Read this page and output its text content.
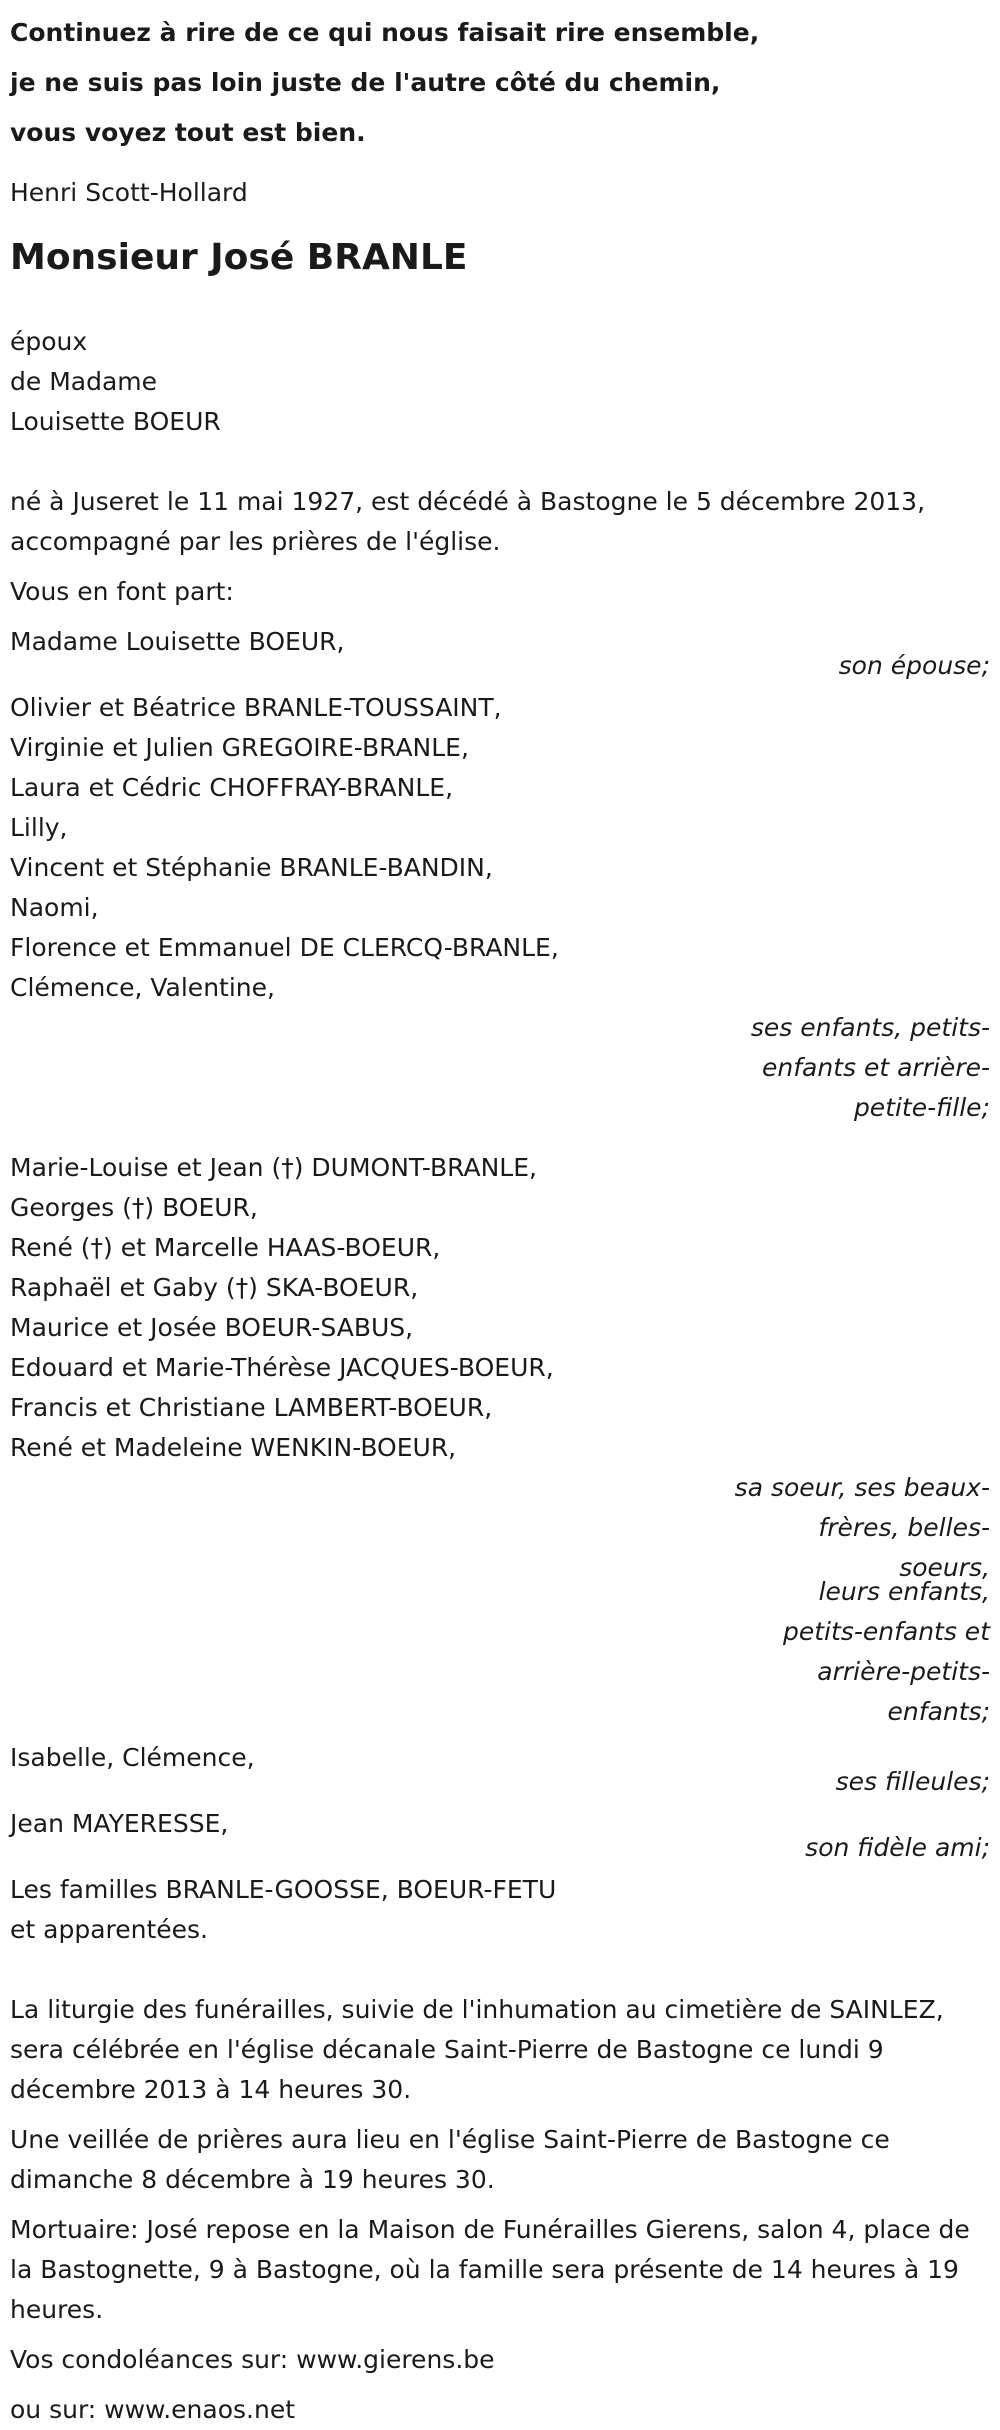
Continuez à rire de ce qui nous faisait rire ensemble,
je ne suis pas loin juste de l'autre côté du chemin,
vous voyez tout est bien.
Henri Scott-Hollard
Monsieur José BRANLE
époux
de Madame
Louisette BOEUR
né à Juseret le 11 mai 1927, est décédé à Bastogne le 5 décembre 2013,
accompagné par les prières de l'église.
Vous en font part:
Madame Louisette BOEUR,
son épouse;
Olivier et Béatrice BRANLE-TOUSSAINT,
Virginie et Julien GREGOIRE-BRANLE,
Laura et Cédric CHOFFRAY-BRANLE,
Lilly,
Vincent et Stéphanie BRANLE-BANDIN,
Naomi,
Florence et Emmanuel DE CLERCQ-BRANLE,
Clémence, Valentine,
ses enfants, petits-
enfants et arrière-
petite-fille;
Marie-Louise et Jean (†) DUMONT-BRANLE,
Georges (†) BOEUR,
René (†) et Marcelle HAAS-BOEUR,
Raphaël et Gaby (†) SKA-BOEUR,
Maurice et Josée BOEUR-SABUS,
Edouard et Marie-Thérèse JACQUES-BOEUR,
Francis et Christiane LAMBERT-BOEUR,
René et Madeleine WENKIN-BOEUR,
sa soeur, ses beaux-
frères, belles-
soeurs,
leurs enfants,
petits-enfants et
arrière-petits-
enfants;
Isabelle, Clémence,
ses filleules;
Jean MAYERESSE,
son fidèle ami;
Les familles BRANLE-GOOSSE, BOEUR-FETU
et apparentées.
La liturgie des funérailles, suivie de l'inhumation au cimetière de SAINLEZ, sera célébrée en l'église décanale Saint-Pierre de Bastogne ce lundi 9 décembre 2013 à 14 heures 30.
Une veillée de prières aura lieu en l'église Saint-Pierre de Bastogne ce dimanche 8 décembre à 19 heures 30.
Mortuaire: José repose en la Maison de Funérailles Gierens, salon 4, place de la Bastognette, 9 à Bastogne, où la famille sera présente de 14 heures à 19 heures.
Vos condoléances sur: www.gierens.be
ou sur: www.enaos.net
